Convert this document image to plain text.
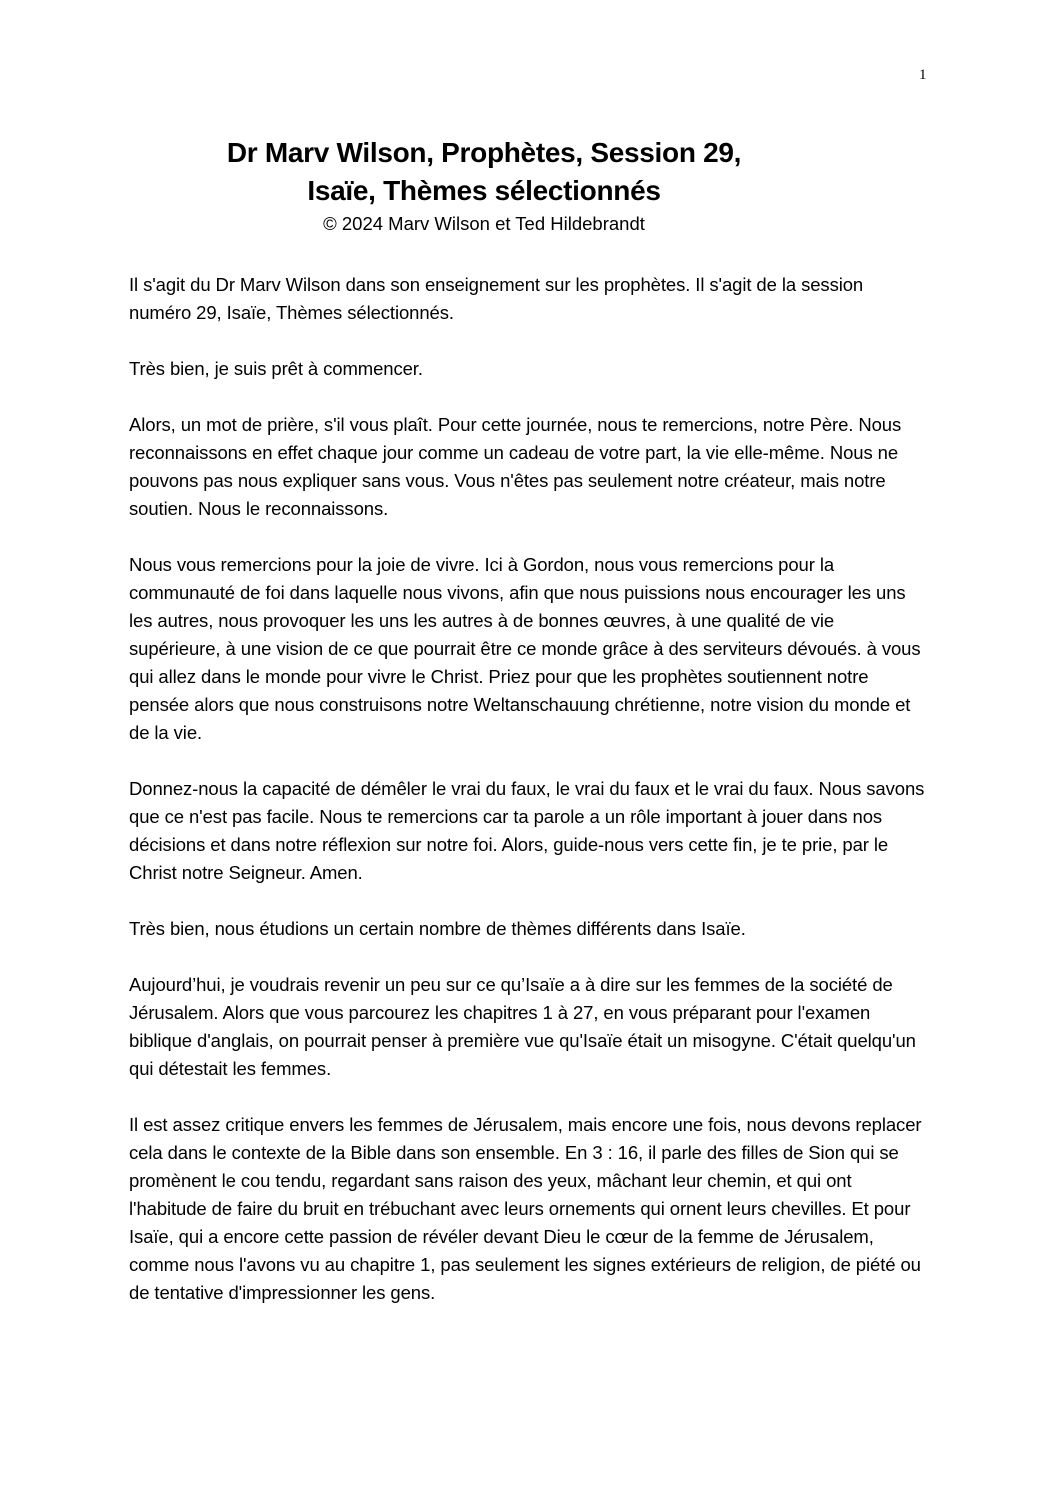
1
Dr Marv Wilson, Prophètes, Session 29,
Isaïe, Thèmes sélectionnés
© 2024 Marv Wilson et Ted Hildebrandt

Il s'agit du Dr Marv Wilson dans son enseignement sur les prophètes. Il s'agit de la session numéro 29, Isaïe, Thèmes sélectionnés.

Très bien, je suis prêt à commencer.

Alors, un mot de prière, s'il vous plaît. Pour cette journée, nous te remercions, notre Père. Nous reconnaissons en effet chaque jour comme un cadeau de votre part, la vie elle-même. Nous ne pouvons pas nous expliquer sans vous. Vous n'êtes pas seulement notre créateur, mais notre soutien. Nous le reconnaissons.

Nous vous remercions pour la joie de vivre. Ici à Gordon, nous vous remercions pour la communauté de foi dans laquelle nous vivons, afin que nous puissions nous encourager les uns les autres, nous provoquer les uns les autres à de bonnes œuvres, à une qualité de vie supérieure, à une vision de ce que pourrait être ce monde grâce à des serviteurs dévoués. à vous qui allez dans le monde pour vivre le Christ. Priez pour que les prophètes soutiennent notre pensée alors que nous construisons notre Weltanschauung chrétienne, notre vision du monde et de la vie.

Donnez-nous la capacité de démêler le vrai du faux, le vrai du faux et le vrai du faux. Nous savons que ce n'est pas facile. Nous te remercions car ta parole a un rôle important à jouer dans nos décisions et dans notre réflexion sur notre foi. Alors, guide-nous vers cette fin, je te prie, par le Christ notre Seigneur. Amen.

Très bien, nous étudions un certain nombre de thèmes différents dans Isaïe.

Aujourd’hui, je voudrais revenir un peu sur ce qu’Isaïe a à dire sur les femmes de la société de Jérusalem. Alors que vous parcourez les chapitres 1 à 27, en vous préparant pour l'examen biblique d'anglais, on pourrait penser à première vue qu'Isaïe était un misogyne. C'était quelqu'un qui détestait les femmes.

Il est assez critique envers les femmes de Jérusalem, mais encore une fois, nous devons replacer cela dans le contexte de la Bible dans son ensemble. En 3 : 16, il parle des filles de Sion qui se promènent le cou tendu, regardant sans raison des yeux, mâchant leur chemin, et qui ont l'habitude de faire du bruit en trébuchant avec leurs ornements qui ornent leurs chevilles. Et pour Isaïe, qui a encore cette passion de révéler devant Dieu le cœur de la femme de Jérusalem, comme nous l'avons vu au chapitre 1, pas seulement les signes extérieurs de religion, de piété ou de tentative d'impressionner les gens.
